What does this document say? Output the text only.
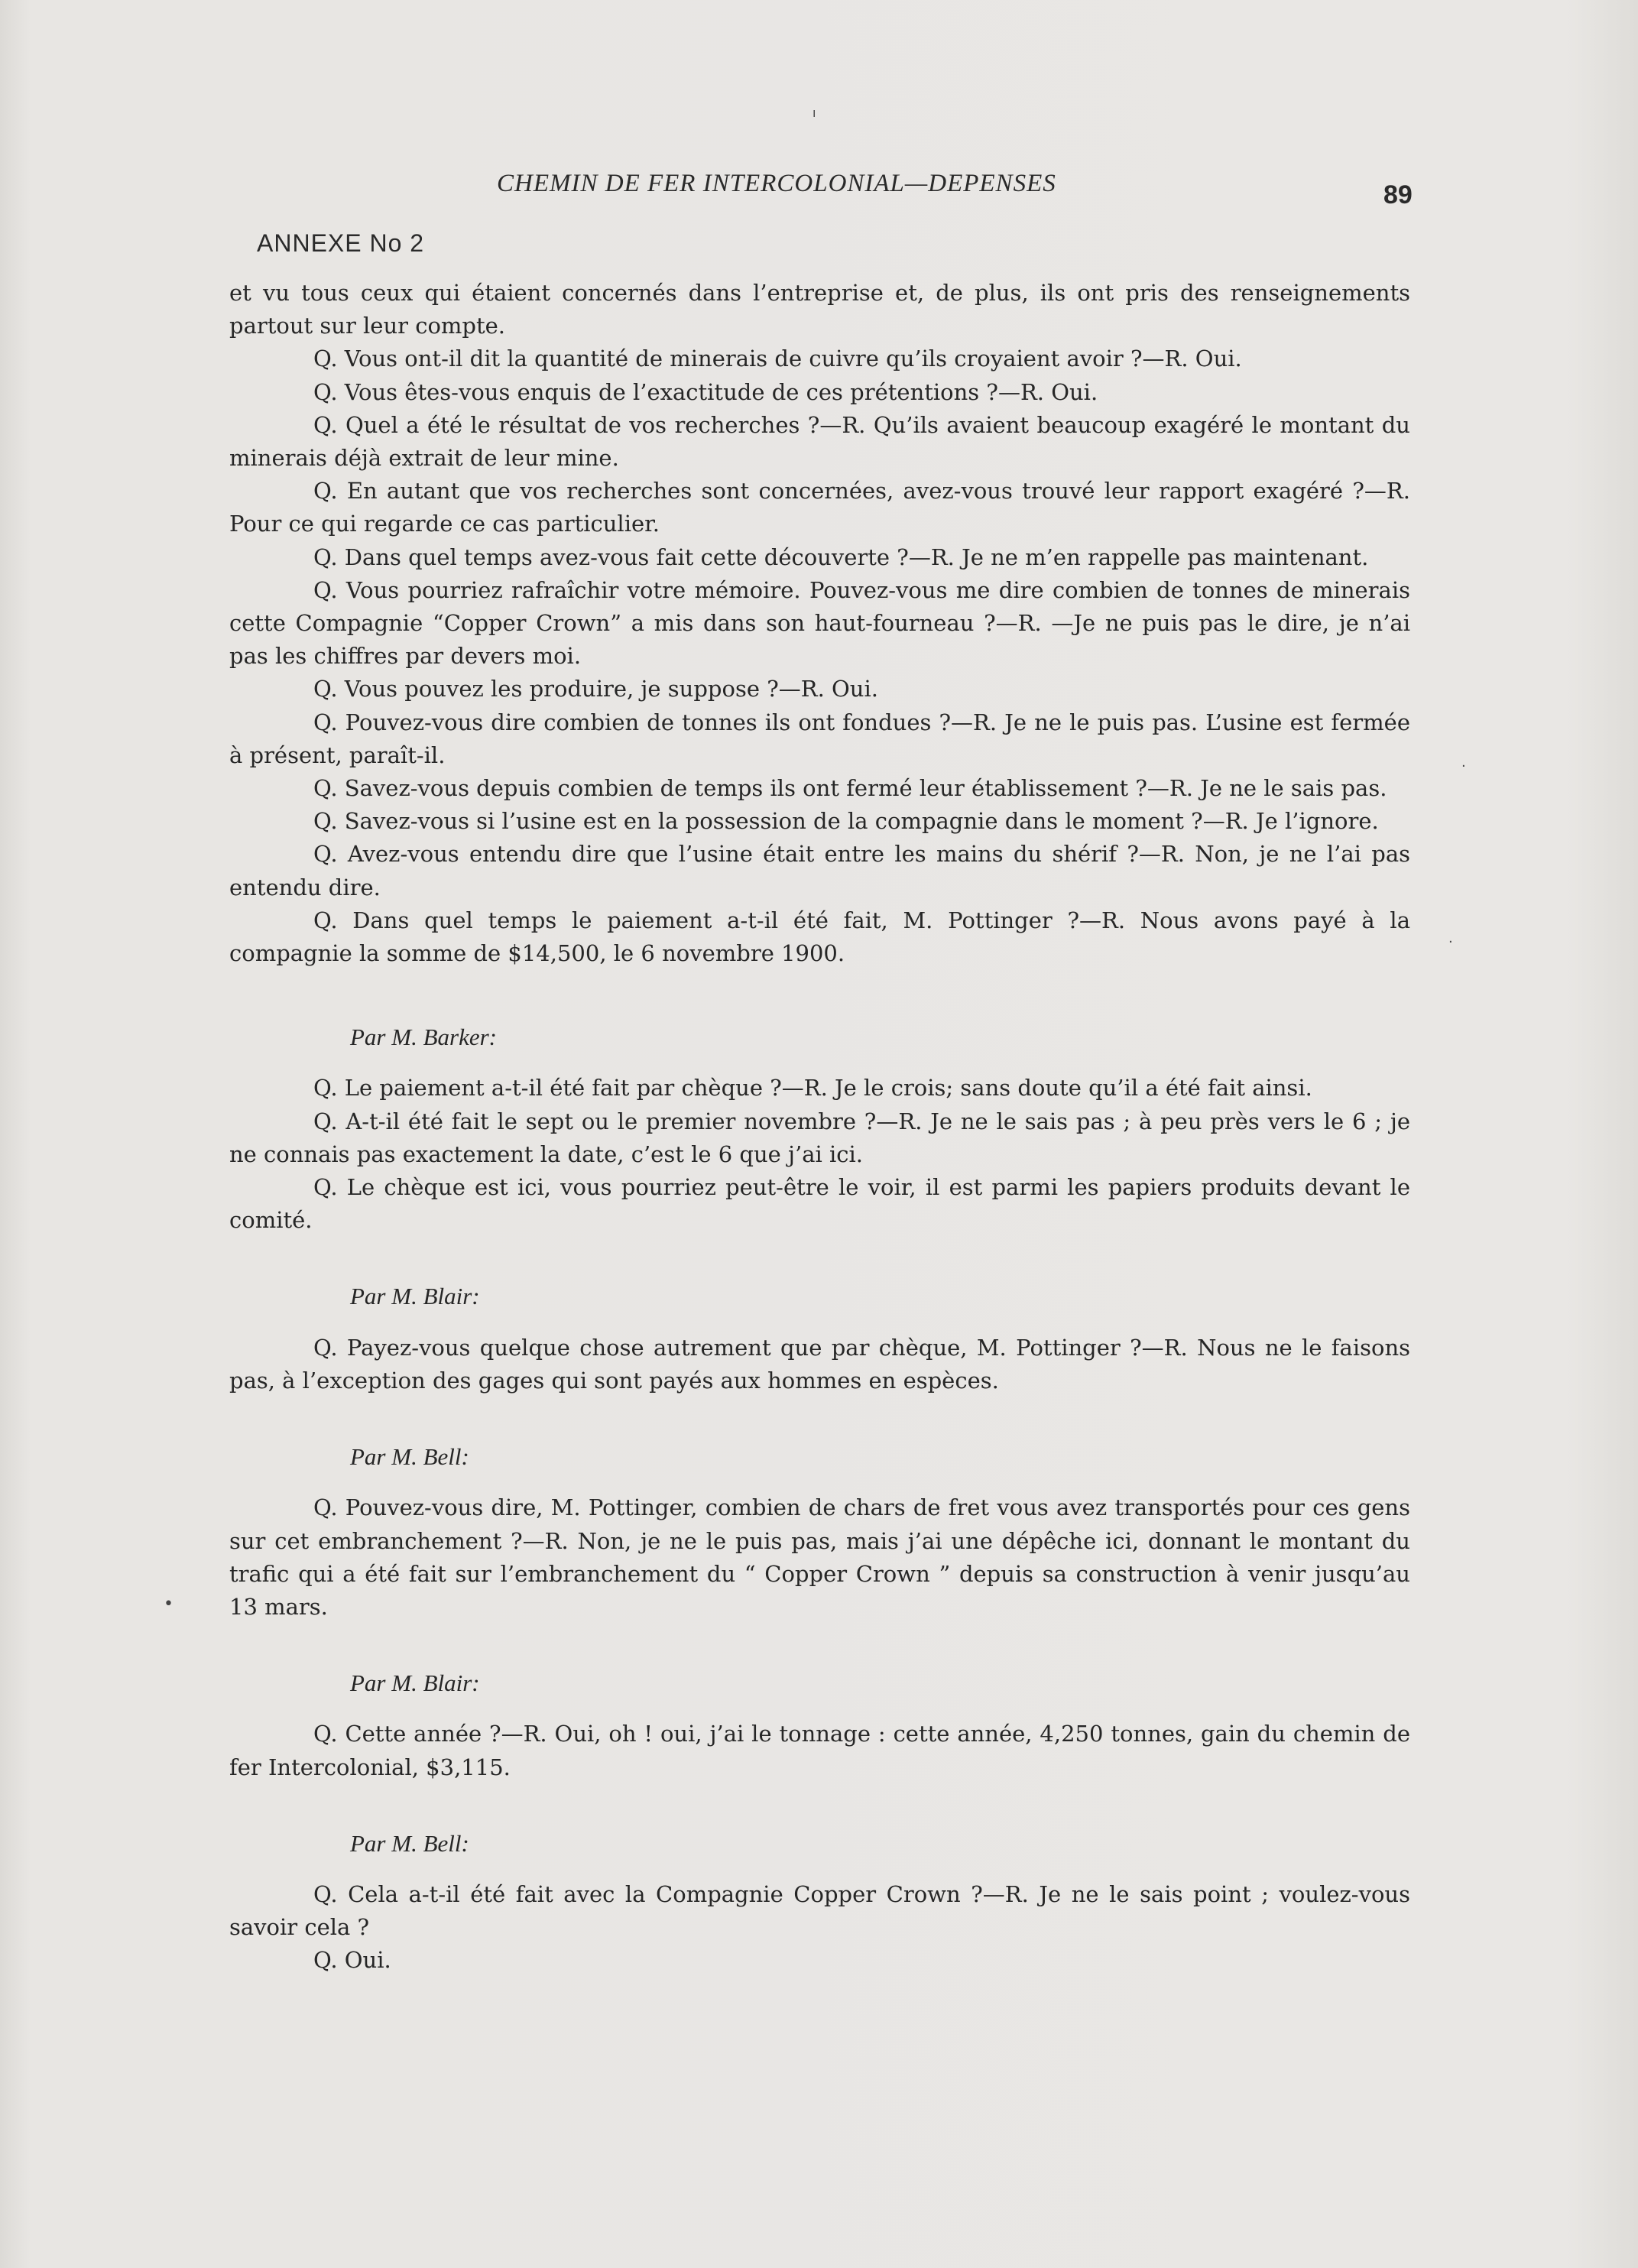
ı
CHEMIN DE FER INTERCOLONIAL—DEPENSES	89
ANNEXE No 2

et vu tous ceux qui étaient concernés dans l’entreprise et, de plus, ils ont pris des renseignements partout sur leur compte.

Q. Vous ont-il dit la quantité de minerais de cuivre qu’ils croyaient avoir ?—R. Oui.

Q. Vous êtes-vous enquis de l’exactitude de ces prétentions ?—R. Oui.

Q. Quel a été le résultat de vos recherches ?—R. Qu’ils avaient beaucoup exagéré le montant du minerais déjà extrait de leur mine.

Q. En autant que vos recherches sont concernées, avez-vous trouvé leur rapport exagéré ?—R. Pour ce qui regarde ce cas particulier.

Q. Dans quel temps avez-vous fait cette découverte ?—R. Je ne m’en rappelle pas maintenant.

Q. Vous pourriez rafraîchir votre mémoire. Pouvez-vous me dire combien de tonnes de minerais cette Compagnie “Copper Crown” a mis dans son haut-fourneau ?—R. —Je ne puis pas le dire, je n’ai pas les chiffres par devers moi.

Q. Vous pouvez les produire, je suppose ?—R. Oui.

Q. Pouvez-vous dire combien de tonnes ils ont fondues ?—R. Je ne le puis pas. L’usine est fermée à présent, paraît-il.

Q. Savez-vous depuis combien de temps ils ont fermé leur établissement ?—R. Je ne le sais pas.

Q. Savez-vous si l’usine est en la possession de la compagnie dans le moment ?—R. Je l’ignore.

Q. Avez-vous entendu dire que l’usine était entre les mains du shérif ?—R. Non, je ne l’ai pas entendu dire.

Q. Dans quel temps le paiement a-t-il été fait, M. Pottinger ?—R. Nous avons payé à la compagnie la somme de $14,500, le 6 novembre 1900.

Par M. Barker:

Q. Le paiement a-t-il été fait par chèque ?—R. Je le crois; sans doute qu’il a été fait ainsi.

Q. A-t-il été fait le sept ou le premier novembre ?—R. Je ne le sais pas ; à peu près vers le 6 ; je ne connais pas exactement la date, c’est le 6 que j’ai ici.

Q. Le chèque est ici, vous pourriez peut-être le voir, il est parmi les papiers produits devant le comité.

Par M. Blair:

Q. Payez-vous quelque chose autrement que par chèque, M. Pottinger ?—R. Nous ne le faisons pas, à l’exception des gages qui sont payés aux hommes en espèces.

Par M. Bell:

Q. Pouvez-vous dire, M. Pottinger, combien de chars de fret vous avez transportés pour ces gens sur cet embranchement ?—R. Non, je ne le puis pas, mais j’ai une dépêche ici, donnant le montant du trafic qui a été fait sur l’embranchement du “ Copper Crown ” depuis sa construction à venir jusqu’au 13 mars.

Par M. Blair:

Q. Cette année ?—R. Oui, oh ! oui, j’ai le tonnage : cette année, 4,250 tonnes, gain du chemin de fer Intercolonial, $3,115.

Par M. Bell:

Q. Cela a-t-il été fait avec la Compagnie Copper Crown ?—R. Je ne le sais point ; voulez-vous savoir cela ?

Q. Oui.

·
·
•
